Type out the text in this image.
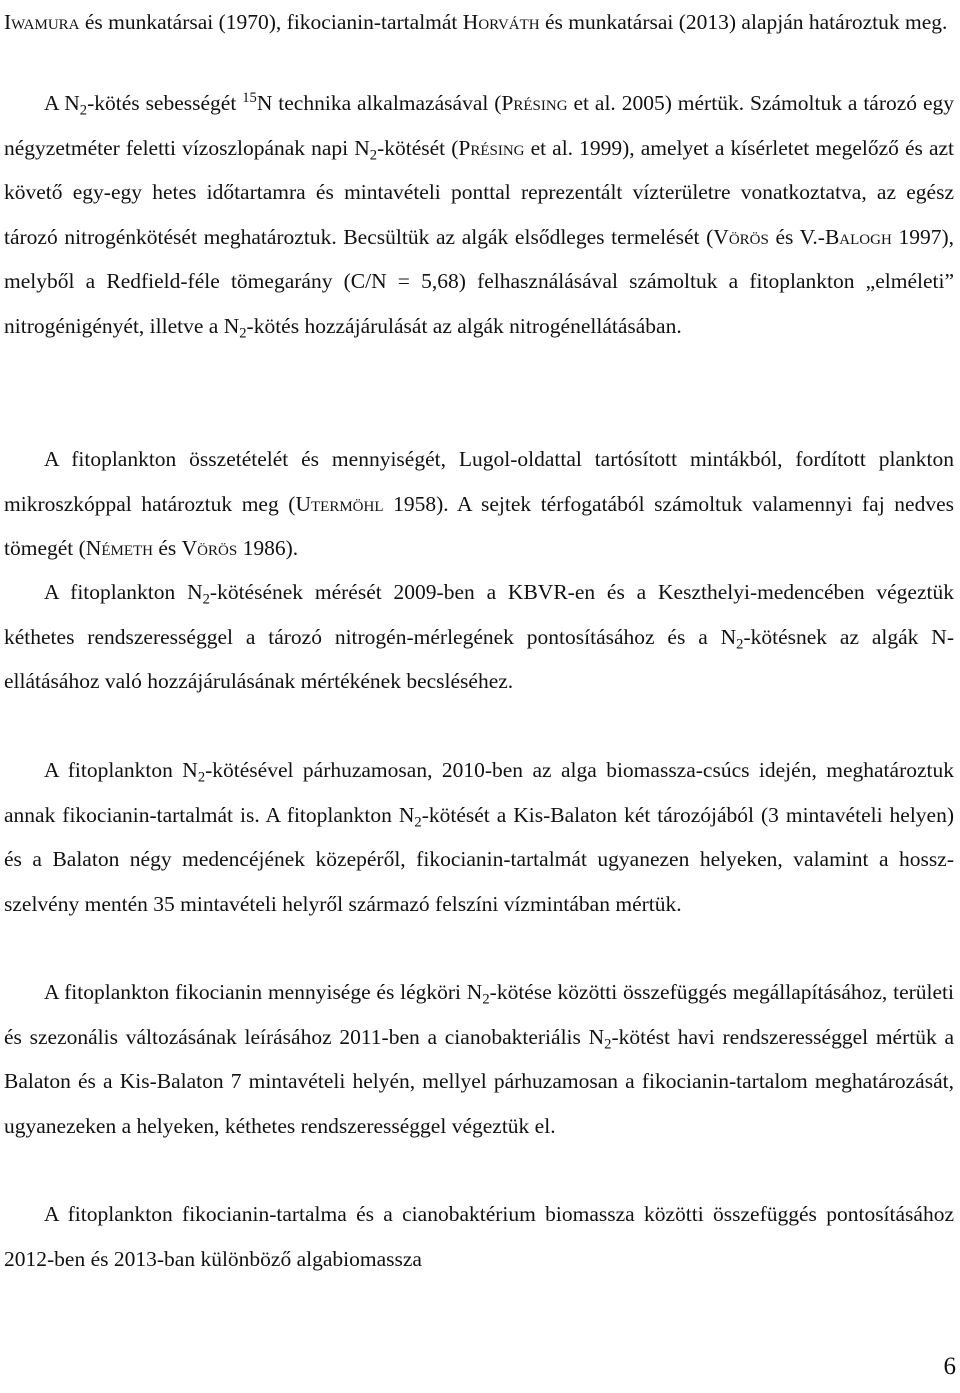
Iwamura és munkatársai (1970), fikocianin-tartalmát Horváth és munkatársai (2013) alapján határoztuk meg.

A $N_2$-kötés sebességét $^{15}$N technika alkalmazásával (Présing et al. 2005) mértük. Számoltuk a tározó egy négyzetméter feletti vízoszlopának napi $N_2$-kötését (Présing et al. 1999), amelyet a kísérletet megelőző és azt követő egy-egy hetes időtartamra és mintavételi ponttal reprezentált vízterületre vonatkoztatva, az egész tározó nitrogénkötését meghatároztuk. Becsültük az algák elsődleges termelését (Vörös és V.-Balogh 1997), melyből a Redfield-féle tömegarány (C/N = 5,68) felhasználásával számoltuk a fitoplankton „elméleti” nitrogénigényét, illetve a $N_2$-kötés hozzájárulását az algák nitrogénellátásában.

A fitoplankton összetételét és mennyiségét, Lugol-oldattal tartósított mintákból, fordított plankton mikroszkóppal határoztuk meg (Utermöhl 1958). A sejtek térfogatából számoltuk valamennyi faj nedves tömegét (Németh és Vörös 1986).

A fitoplankton $N_2$-kötésének mérését 2009-ben a KBVR-en és a Keszthelyi-medencében végeztük kéthetes rendszerességgel a tározó nitrogén-mérlegének pontosításához és a $N_2$-kötésnek az algák N-ellátásához való hozzájárulásának mértékének becsléséhez.

A fitoplankton $N_2$-kötésével párhuzamosan, 2010-ben az alga biomassza-csúcs idején, meghatároztuk annak fikocianin-tartalmát is. A fitoplankton $N_2$-kötését a Kis-Balaton két tározójából (3 mintavételi helyen) és a Balaton négy medencéjének közepéről, fikocianin-tartalmát ugyanezen helyeken, valamint a hossz-szelvény mentén 35 mintavételi helyről származó felszíni vízmintában mértük.

A fitoplankton fikocianin mennyisége és légköri $N_2$-kötése közötti összefüggés megállapításához, területi és szezonális változásának leírásához 2011-ben a cianobakteriális $N_2$-kötést havi rendszerességgel mértük a Balaton és a Kis-Balaton 7 mintavételi helyén, mellyel párhuzamosan a fikocianin-tartalom meghatározását, ugyanezeken a helyeken, kéthetes rendszerességgel végeztük el.

A fitoplankton fikocianin-tartalma és a cianobaktérium biomassza közötti összefüggés pontosításához 2012-ben és 2013-ban különböző algabiomassza

6
